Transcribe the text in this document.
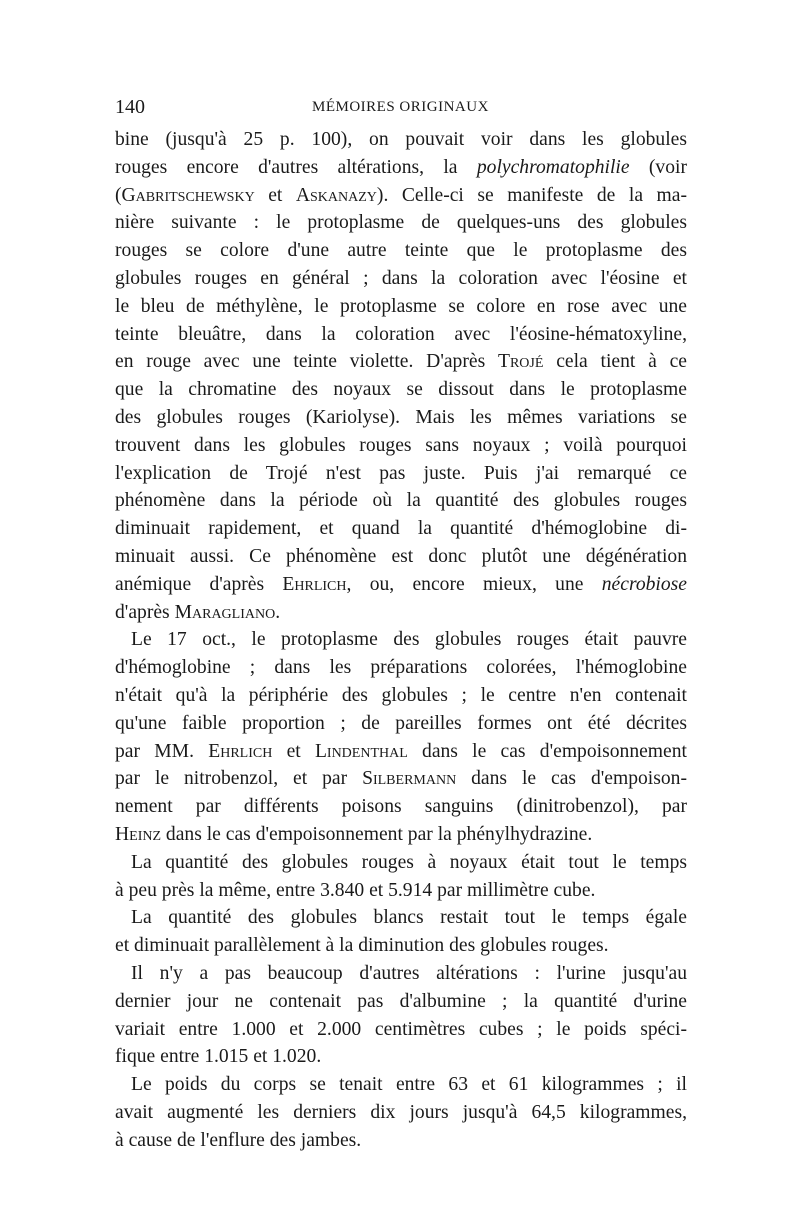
140	MÉMOIRES ORIGINAUX
bine (jusqu'à 25 p. 100), on pouvait voir dans les globules
rouges encore d'autres altérations, la polychromatophilie (voir
(Gabritschewsky et Askanazy). Celle-ci se manifeste de la ma-
nière suivante : le protoplasme de quelques-uns des globules
rouges se colore d'une autre teinte que le protoplasme des
globules rouges en général ; dans la coloration avec l'éosine et
le bleu de méthylène, le protoplasme se colore en rose avec une
teinte bleuâtre, dans la coloration avec l'éosine-hématoxyline,
en rouge avec une teinte violette. D'après Trojé cela tient à ce
que la chromatine des noyaux se dissout dans le protoplasme
des globules rouges (Kariolyse). Mais les mêmes variations se
trouvent dans les globules rouges sans noyaux ; voilà pourquoi
l'explication de Trojé n'est pas juste. Puis j'ai remarqué ce
phénomène dans la période où la quantité des globules rouges
diminuait rapidement, et quand la quantité d'hémoglobine di-
minuait aussi. Ce phénomène est donc plutôt une dégénération
anémique d'après Ehrlich, ou, encore mieux, une nécrobiose
d'après Maragliano.
Le 17 oct., le protoplasme des globules rouges était pauvre
d'hémoglobine ; dans les préparations colorées, l'hémoglobine
n'était qu'à la périphérie des globules ; le centre n'en contenait
qu'une faible proportion ; de pareilles formes ont été décrites
par MM. Ehrlich et Lindenthal dans le cas d'empoisonnement
par le nitrobenzol, et par Silbermann dans le cas d'empoison-
nement par différents poisons sanguins (dinitrobenzol), par
Heinz dans le cas d'empoisonnement par la phénylhydrazine.
La quantité des globules rouges à noyaux était tout le temps
à peu près la même, entre 3.840 et 5.914 par millimètre cube.
La quantité des globules blancs restait tout le temps égale
et diminuait parallèlement à la diminution des globules rouges.
Il n'y a pas beaucoup d'autres altérations : l'urine jusqu'au
dernier jour ne contenait pas d'albumine ; la quantité d'urine
variait entre 1.000 et 2.000 centimètres cubes ; le poids spéci-
fique entre 1.015 et 1.020.
Le poids du corps se tenait entre 63 et 61 kilogrammes ; il
avait augmenté les derniers dix jours jusqu'à 64,5 kilogrammes,
à cause de l'enflure des jambes.
